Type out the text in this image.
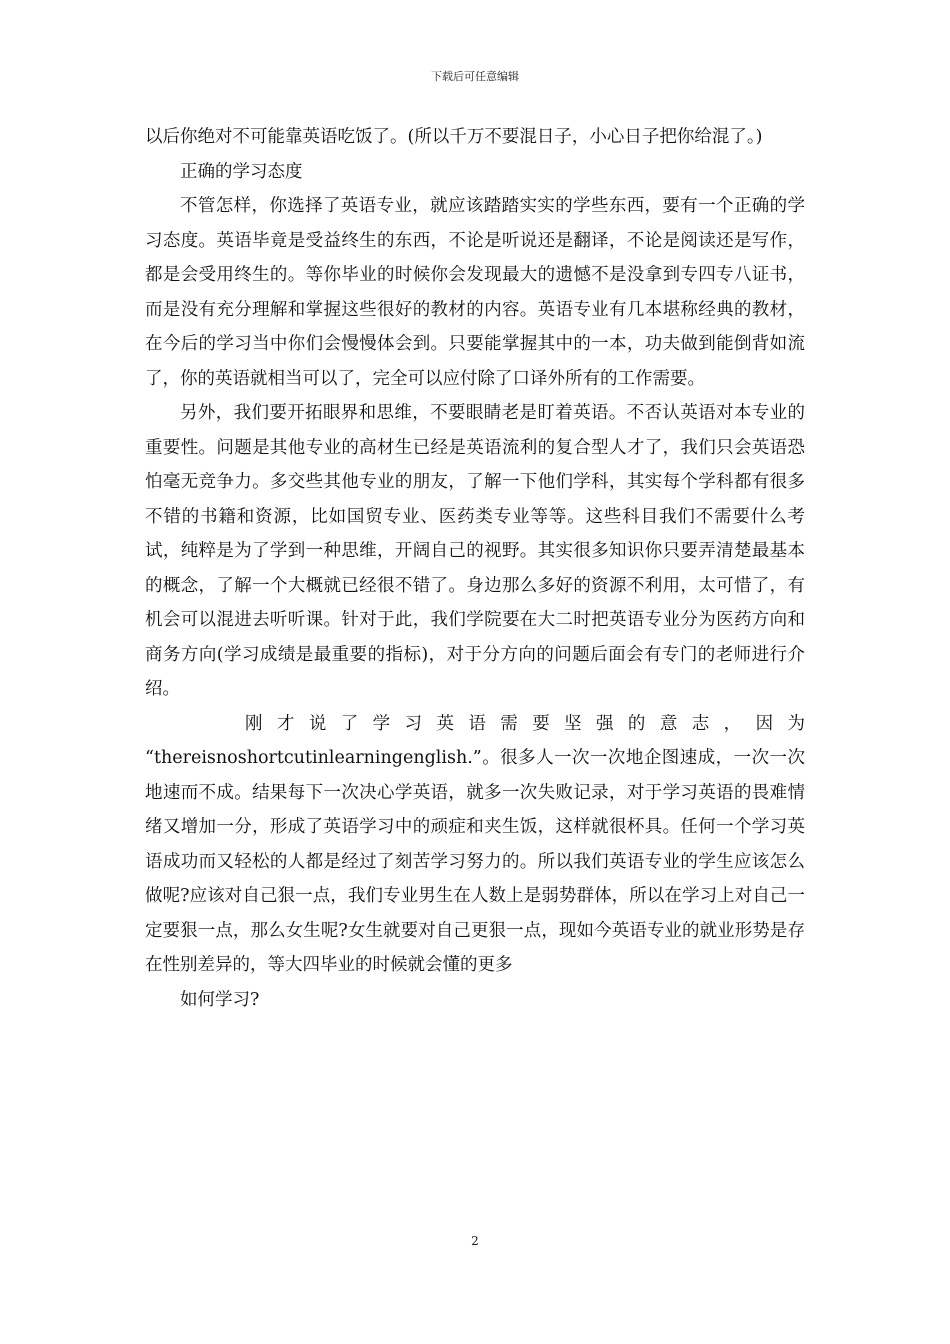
下载后可任意编辑

以后你绝对不可能靠英语吃饭了。(所以千万不要混日子，小心日子把你给混了。)

正确的学习态度

不管怎样，你选择了英语专业，就应该踏踏实实的学些东西，要有一个正确的学习态度。英语毕竟是受益终生的东西，不论是听说还是翻译，不论是阅读还是写作，都是会受用终生的。等你毕业的时候你会发现最大的遗憾不是没拿到专四专八证书，而是没有充分理解和掌握这些很好的教材的内容。英语专业有几本堪称经典的教材，在今后的学习当中你们会慢慢体会到。只要能掌握其中的一本，功夫做到能倒背如流了，你的英语就相当可以了，完全可以应付除了口译外所有的工作需要。

另外，我们要开拓眼界和思维，不要眼睛老是盯着英语。不否认英语对本专业的重要性。问题是其他专业的高材生已经是英语流利的复合型人才了，我们只会英语恐怕毫无竞争力。多交些其他专业的朋友，了解一下他们学科，其实每个学科都有很多不错的书籍和资源，比如国贸专业、医药类专业等等。这些科目我们不需要什么考试，纯粹是为了学到一种思维，开阔自己的视野。其实很多知识你只要弄清楚最基本的概念，了解一个大概就已经很不错了。身边那么多好的资源不利用，太可惜了，有机会可以混进去听听课。针对于此，我们学院要在大二时把英语专业分为医药方向和商务方向(学习成绩是最重要的指标)，对于分方向的问题后面会有专门的老师进行介绍。

刚 才 说 了 学 习 英 语 需 要 坚 强 的 意 志 ， 因 为 “thereisnoshortcutinlearningenglish.”。很多人一次一次地企图速成，一次一次地速而不成。结果每下一次决心学英语，就多一次失败记录，对于学习英语的畏难情绪又增加一分，形成了英语学习中的顽症和夹生饭，这样就很杯具。任何一个学习英语成功而又轻松的人都是经过了刻苦学习努力的。所以我们英语专业的学生应该怎么做呢?应该对自己狠一点，我们专业男生在人数上是弱势群体，所以在学习上对自己一定要狠一点，那么女生呢?女生就要对自己更狠一点，现如今英语专业的就业形势是存在性别差异的，等大四毕业的时候就会懂的更多

如何学习?

2
